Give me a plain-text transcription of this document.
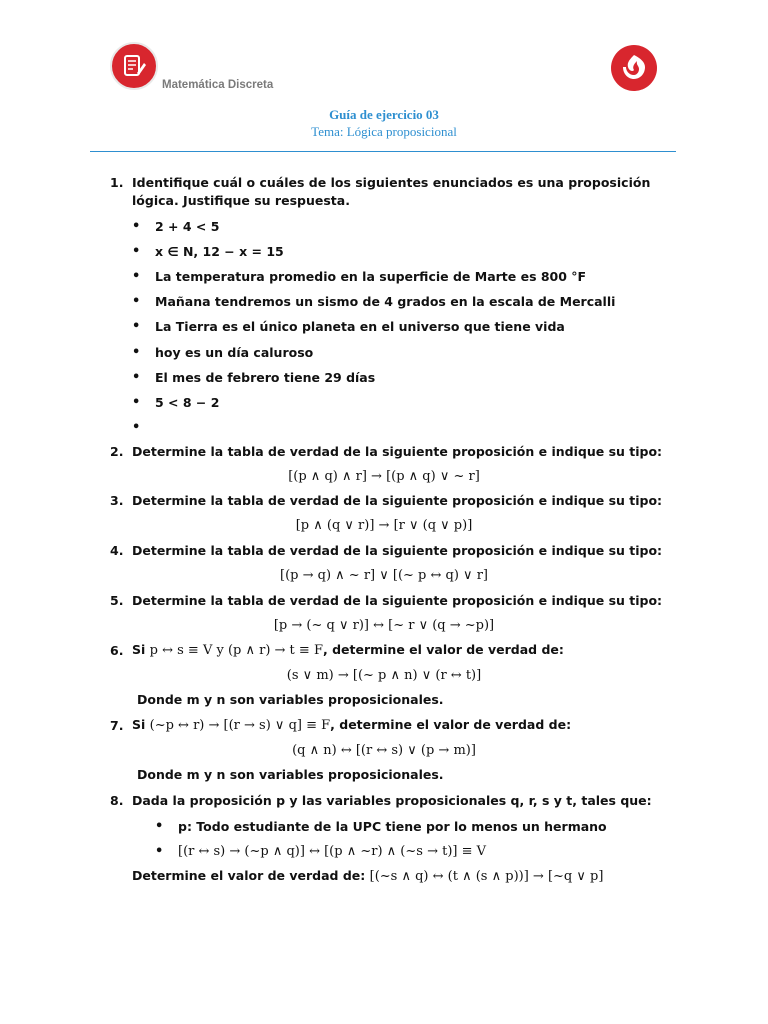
Matemática Discreta
Guía de ejercicio 03
Tema: Lógica proposicional
1. Identifique cuál o cuáles de los siguientes enunciados es una proposición lógica. Justifique su respuesta.
• 2 + 4 < 5
• x ∈ N, 12 − x = 15
• La temperatura promedio en la superficie de Marte es 800 °F
• Mañana tendremos un sismo de 4 grados en la escala de Mercalli
• La Tierra es el único planeta en el universo que tiene vida
• hoy es un día caluroso
• El mes de febrero tiene 29 días
• 5 < 8 − 2
•
2. Determine la tabla de verdad de la siguiente proposición e indique su tipo:
[(p ∧ q) ∧ r] → [(p ∧ q) ∨ ~ r]
3. Determine la tabla de verdad de la siguiente proposición e indique su tipo:
[p ∧ (q ∨ r)] → [r ∨ (q ∨ p)]
4. Determine la tabla de verdad de la siguiente proposición e indique su tipo:
[(p → q) ∧ ~ r] ∨ [(~ p ↔ q) ∨ r]
5. Determine la tabla de verdad de la siguiente proposición e indique su tipo:
[p → (~ q ∨ r)] ↔ [~ r ∨ (q → ~p)]
6. Si p ↔ s ≡ V y (p ∧ r) → t ≡ F, determine el valor de verdad de:
(s ∨ m) → [(~ p ∧ n) ∨ (r ↔ t)]
Donde m y n son variables proposicionales.
7. Si (~p ↔ r) → [(r → s) ∨ q] ≡ F, determine el valor de verdad de:
(q ∧ n) ↔ [(r ↔ s) ∨ (p → m)]
Donde m y n son variables proposicionales.
8. Dada la proposición p y las variables proposicionales q, r, s y t, tales que:
• p: Todo estudiante de la UPC tiene por lo menos un hermano
• [(r ↔ s) → (~p ∧ q)] ↔ [(p ∧ ~r) ∧ (~s → t)] ≡ V
Determine el valor de verdad de: [(~s ∧ q) ↔ (t ∧ (s ∧ p))] → [~q ∨ p]
